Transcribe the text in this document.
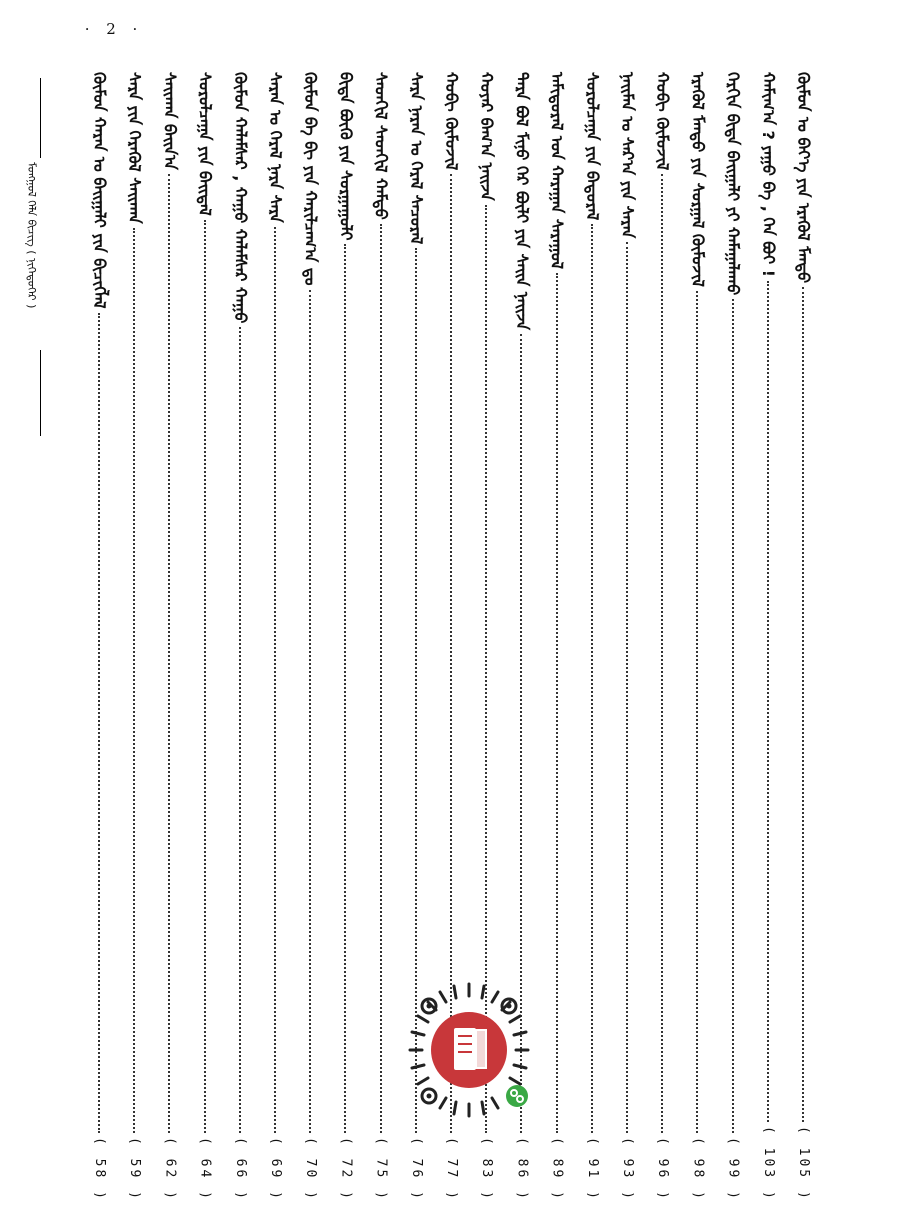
· 2 ·
ᠮᠣᠩᠭᠣᠯ ᠬᠡᠯᠡ ᠪᠢᠴᠢᠭ ( ᠨᠢᠭᠡᠳᠦᠭᠡᠷ )	ᠬᠦᠮᠦᠨ ᠤ ᠪᠡᠶ᠎ᠡ ᠶᠢᠨ ᠡᠷᠡᠭᠦᠯ ᠮᠡᠨᠳᠦ
( 105 )
ᠬᠠᠮᠢᠭ᠎ᠠ ? ᠶᠠᠭᠤ ᠪᠡ , ᠬᠡᠨ ᠪᠤᠢ !
( 103 )
ᠬᠡᠷᠬᠢᠨ ᠪᠢᠳᠡ ᠪᠠᠢᠭᠠᠯᠢ ᠶᠢ ᠬᠠᠮᠠᠭᠠᠯᠠᠬᠤ
( 99 )
ᠡᠷᠡᠭᠦᠯ ᠮᠡᠨᠳᠦ ᠶᠢᠨ ᠰᠤᠷᠭᠠᠯ ᠬᠦᠮᠦᠵᠢᠯ
( 98 )
ᠬᠤᠪᠢ ᠬᠦᠮᠦᠵᠢᠯ
( 96 )
ᠨᠠᠢᠮᠠᠨ ᠤ ᠰᠠᠷ᠎ᠠ ᠶᠢᠨ ᠰᠠᠷᠠᠨ
( 93 )
ᠰᠤᠷᠤᠯᠴᠠᠭᠠ ᠶᠢᠨ ᠪᠠᠳᠤᠷᠠᠯ
( 91 )
ᠠᠮᠢᠳᠤᠷᠠᠯ ᠤᠨ ᠬᠠᠷᠠᠭᠠᠨ ᠰᠠᠷᠠᠭᠤᠯ
( 89 )
ᠲᠡᠷᠡ ᠪᠤᠯ ᠮᠢᠨᠤ ᠭᠡᠷ ᠪᠦᠯᠢ ᠶᠢᠨ ᠰᠠᠢᠨ ᠨᠠᠢᠵᠠ
( 86 )
ᠬᠤᠶᠠᠷ ᠪᠠᠭ᠎ᠠ ᠨᠠᠢᠵᠠ
( 83 )
ᠬᠤᠪᠢ ᠬᠦᠮᠦᠵᠢᠯ
( 77 )
ᠰᠠᠷᠠ ᠨᠠᠷᠠᠨ ᠤ ᠭᠡᠷᠡᠯ ᠰᠠᠴᠤᠷᠠᠯ
( 76 )
ᠰᠡᠳᠬᠢᠯ ᠰᠡᠳᠬᠢᠯ ᠬᠠᠮᠲᠤ
( 75 )
ᠪᠢᠳᠡ ᠪᠦᠬᠦ ᠶᠢᠨ ᠰᠤᠷᠭᠠᠭᠤᠯᠢ
( 72 )
ᠬᠦᠮᠦᠨ ᠪᠠ ᠪᠢ ᠶᠢᠨ ᠬᠠᠷᠢᠯᠴᠠᠭ᠎ᠠ ᠳᠤ
( 70 )
ᠰᠠᠷᠠᠨ ᠤ ᠭᠡᠷᠡᠯ ᠨᠠᠷᠠ ᠰᠠᠷᠠ
( 69 )
ᠬᠦᠮᠦᠨ ᠬᠠᠯᠠᠮᠰᠠᠷ , ᠬᠠᠭᠤ ᠬᠠᠯᠠᠮᠰᠠᠷ ᠬᠠᠭᠤ
( 66 )
ᠰᠤᠷᠤᠯᠴᠠᠭᠠ ᠶᠢᠨ ᠪᠠᠢᠳᠠᠯ
( 64 )
ᠰᠠᠢᠬᠠᠨ ᠪᠠᠢᠨ᠎ᠠ
( 62 )
ᠰᠠᠷᠠ ᠶᠢᠨ ᠬᠡᠷᠡᠭᠦᠯ ᠰᠠᠢᠬᠠᠨ
( 59 )
ᠬᠦᠮᠦᠨ ᠬᠠᠷᠠᠨ ᠤ ᠪᠠᠢᠭᠠᠯᠢ ᠶᠢᠨ ᠪᠢᠴᠢᠭᠯᠡᠯ
( 58 )
